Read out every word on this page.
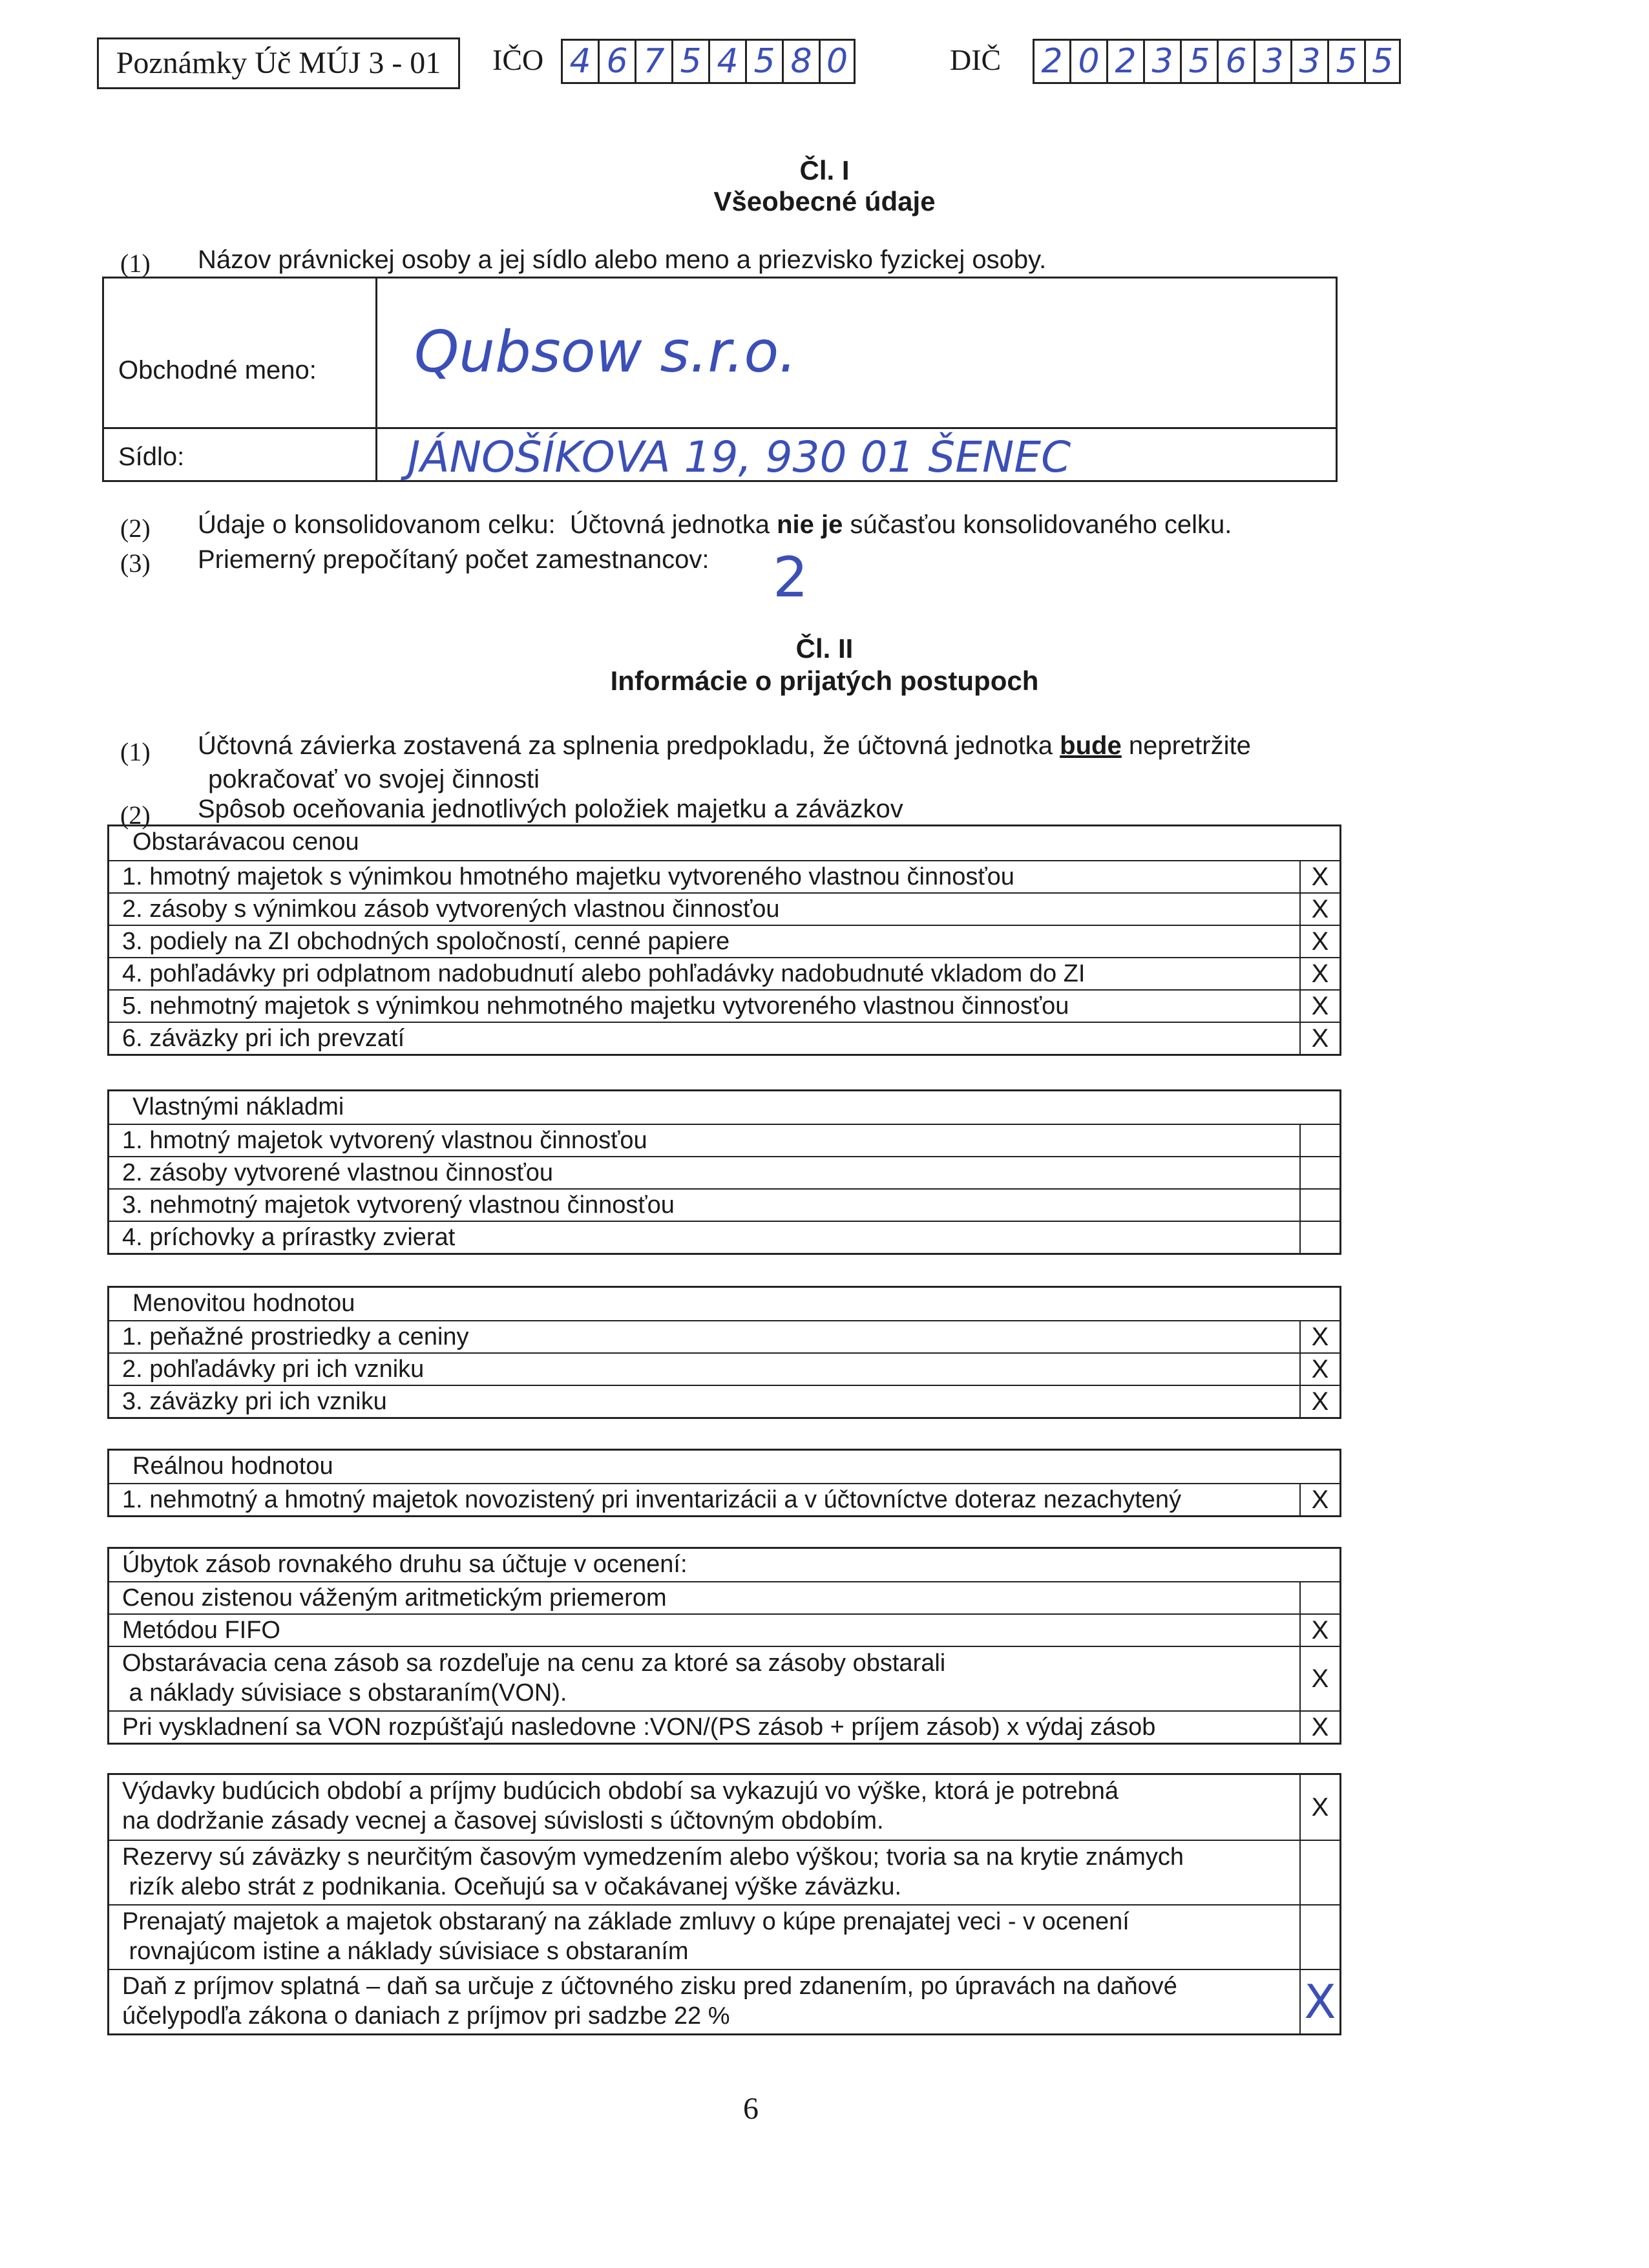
Poznámky Úč MÚJ 3 - 01	IČO 4 6 7 5 4 5 8 0	DIČ 2 0 2 3 5 6 3 3 5 5
Čl. I
Všeobecné údaje
(1) Názov právnickej osoby a jej sídlo alebo meno a priezvisko fyzickej osoby.
Obchodné meno: Qubsow s.r.o.
Sídlo:	JÁNOŠÍKOVA 19, 930 01 ŠENEC
(2) Údaje o konsolidovanom celku:  Účtovná jednotka nie je súčasťou konsolidovaného celku.
(3) Priemerný prepočítaný počet zamestnancov: 2
Čl. II
Informácie o prijatých postupoch
(1) Účtovná závierka zostavená za splnenia predpokladu, že účtovná jednotka bude nepretržite
pokračovať vo svojej činnosti
(2) Spôsob oceňovania jednotlivých položiek majetku a záväzkov
Obstarávacou cenou
1. hmotný majetok s výnimkou hmotného majetku vytvoreného vlastnou činnosťou	X
2. zásoby s výnimkou zásob vytvorených vlastnou činnosťou	X
3. podiely na ZI obchodných spoločností, cenné papiere	X
4. pohľadávky pri odplatnom nadobudnutí alebo pohľadávky nadobudnuté vkladom do ZI	X
5. nehmotný majetok s výnimkou nehmotného majetku vytvoreného vlastnou činnosťou	X
6. záväzky pri ich prevzatí	X
Vlastnými nákladmi
1. hmotný majetok vytvorený vlastnou činnosťou
2. zásoby vytvorené vlastnou činnosťou
3. nehmotný majetok vytvorený vlastnou činnosťou
4. príchovky a prírastky zvierat
Menovitou hodnotou
1. peňažné prostriedky a ceniny	X
2. pohľadávky pri ich vzniku	X
3. záväzky pri ich vzniku	X
Reálnou hodnotou
1. nehmotný a hmotný majetok novozistený pri inventarizácii a v účtovníctve doteraz nezachytený	X
Úbytok zásob rovnakého druhu sa účtuje v ocenení:
Cenou zistenou váženým aritmetickým priemerom
Metódou FIFO	X
Obstarávacia cena zásob sa rozdeľuje na cenu za ktoré sa zásoby obstarali
a náklady súvisiace s obstaraním(VON).
X
Pri vyskladnení sa VON rozpúšťajú nasledovne :VON/(PS zásob + príjem zásob) x výdaj zásob	X
Výdavky budúcich období a príjmy budúcich období sa vykazujú vo výške, ktorá je potrebná
na dodržanie zásady vecnej a časovej súvislosti s účtovným obdobím.	X
Rezervy sú záväzky s neurčitým časovým vymedzením alebo výškou; tvoria sa na krytie známych
rizík alebo strát z podnikania. Oceňujú sa v očakávanej výške záväzku.
Prenajatý majetok a majetok obstaraný na základe zmluvy o kúpe prenajatej veci - v ocenení
rovnajúcom istine a náklady súvisiace s obstaraním
Daň z príjmov splatná – daň sa určuje z účtovného zisku pred zdanením, po úpravách na daňové
účelypodľa zákona o daniach z príjmov pri sadzbe 22 %	X
6
